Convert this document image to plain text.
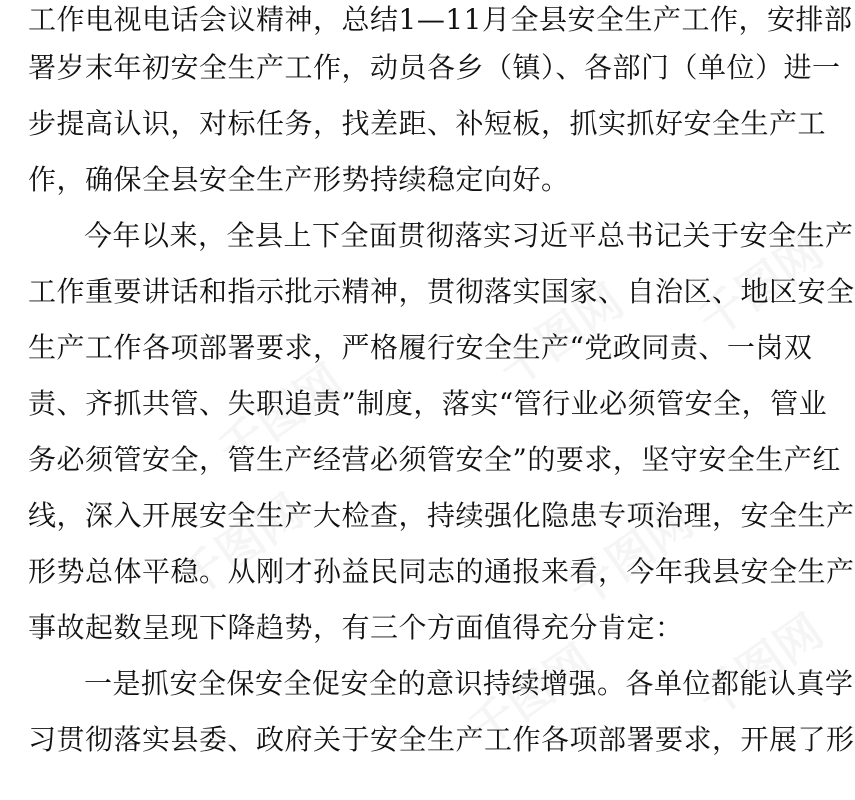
千图网
千图网
千图网
千图网	千图网
千图网 千图网
工作电视电话会议精神，总结1—11月全县安全生产工作，安排部
署岁末年初安全生产工作，动员各乡（镇）、各部门（单位）进一
步提高认识，对标任务，找差距、补短板，抓实抓好安全生产工
作，确保全县安全生产形势持续稳定向好。
今年以来，全县上下全面贯彻落实习近平总书记关于安全生产
工作重要讲话和指示批示精神，贯彻落实国家、自治区、地区安全
生产工作各项部署要求，严格履行安全生产“党政同责、一岗双
责、齐抓共管、失职追责”制度，落实“管行业必须管安全，管业
务必须管安全，管生产经营必须管安全”的要求，坚守安全生产红
线，深入开展安全生产大检查，持续强化隐患专项治理，安全生产
形势总体平稳。从刚才孙益民同志的通报来看，今年我县安全生产
事故起数呈现下降趋势，有三个方面值得充分肯定：
一是抓安全保安全促安全的意识持续增强。各单位都能认真学
习贯彻落实县委、政府关于安全生产工作各项部署要求，开展了形
